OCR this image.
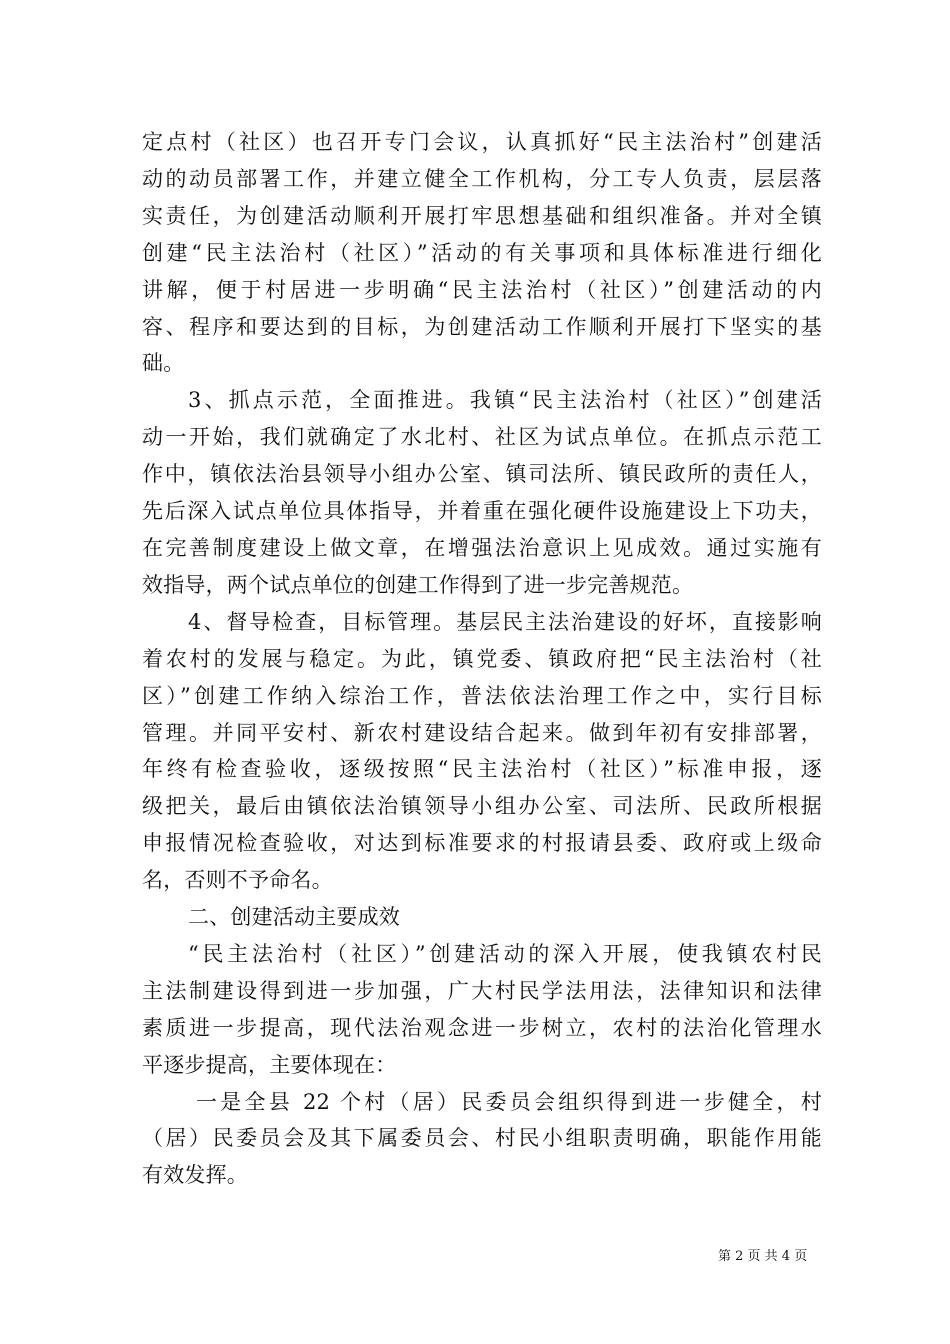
定点村（社区）也召开专门会议，认真抓好“民主法治村”创建活
动的动员部署工作，并建立健全工作机构，分工专人负责，层层落
实责任，为创建活动顺利开展打牢思想基础和组织准备。并对全镇
创建“民主法治村（社区）”活动的有关事项和具体标准进行细化
讲解，便于村居进一步明确“民主法治村（社区）”创建活动的内
容、程序和要达到的目标，为创建活动工作顺利开展打下坚实的基
础。
3、抓点示范，全面推进。我镇“民主法治村（社区）”创建活
动一开始，我们就确定了水北村、社区为试点单位。在抓点示范工
作中，镇依法治县领导小组办公室、镇司法所、镇民政所的责任人，
先后深入试点单位具体指导，并着重在强化硬件设施建设上下功夫，
在完善制度建设上做文章，在增强法治意识上见成效。通过实施有
效指导，两个试点单位的创建工作得到了进一步完善规范。
4、督导检查，目标管理。基层民主法治建设的好坏，直接影响
着农村的发展与稳定。为此，镇党委、镇政府把“民主法治村（社
区）”创建工作纳入综治工作，普法依法治理工作之中，实行目标
管理。并同平安村、新农村建设结合起来。做到年初有安排部署，
年终有检查验收，逐级按照“民主法治村（社区）”标准申报，逐
级把关，最后由镇依法治镇领导小组办公室、司法所、民政所根据
申报情况检查验收，对达到标准要求的村报请县委、政府或上级命
名，否则不予命名。
二、创建活动主要成效
“民主法治村（社区）”创建活动的深入开展，使我镇农村民
主法制建设得到进一步加强，广大村民学法用法，法律知识和法律
素质进一步提高，现代法治观念进一步树立，农村的法治化管理水
平逐步提高，主要体现在：
一是全县 22 个村（居）民委员会组织得到进一步健全，村
（居）民委员会及其下属委员会、村民小组职责明确，职能作用能
有效发挥。
第 2 页 共 4 页
